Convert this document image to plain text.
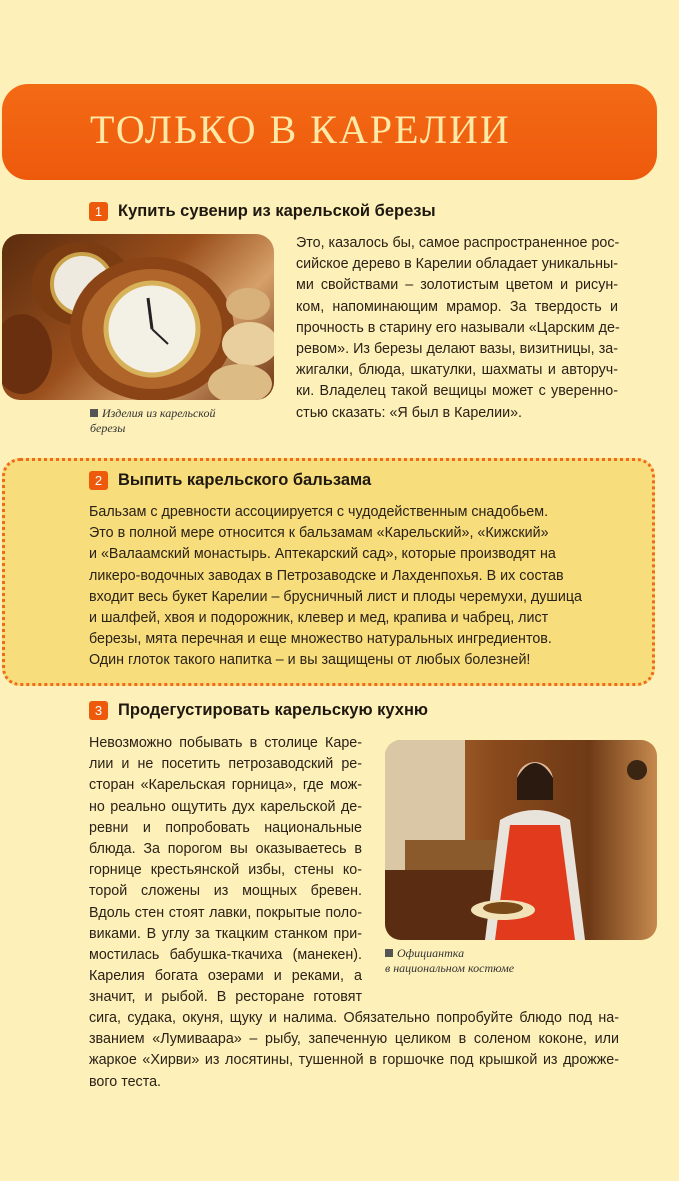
ТОЛЬКО В КАРЕЛИИ
1 Купить сувенир из карельской березы
Изделия из карельской
березы
Это, казалось бы, самое распространенное рос-
сийское дерево в Карелии обладает уникальны-
ми свойствами – золотистым цветом и рисун-
ком, напоминающим мрамор. За твердость и
прочность в старину его называли «Царским де-
ревом». Из березы делают вазы, визитницы, за-
жигалки, блюда, шкатулки, шахматы и авторуч-
ки. Владелец такой вещицы может с уверенно-
стью сказать: «Я был в Карелии».
2 Выпить карельского бальзама
Бальзам с древности ассоциируется с чудодейственным снадобьем.
Это в полной мере относится к бальзамам «Карельский», «Кижский»
и «Валаамский монастырь. Аптекарский сад», которые производят на
ликеро-водочных заводах в Петрозаводске и Лахденпохья. В их состав
входит весь букет Карелии – брусничный лист и плоды черемухи, душица
и шалфей, хвоя и подорожник, клевер и мед, крапива и чабрец, лист
березы, мята перечная и еще множество натуральных ингредиентов.
Один глоток такого напитка – и вы защищены от любых болезней!
3 Продегустировать карельскую кухню
Невозможно побывать в столице Каре-
лии и не посетить петрозаводский ре-
сторан «Карельская горница», где мож-
но реально ощутить дух карельской де-
ревни и попробовать национальные
блюда. За порогом вы оказываетесь в
горнице крестьянской избы, стены ко-
торой сложены из мощных бревен.
Вдоль стен стоят лавки, покрытые поло-
виками. В углу за ткацким станком при-
мостилась бабушка-ткачиха (манекен).
Карелия богата озерами и реками, а
значит, и рыбой. В ресторане готовят
Официантка
в национальном костюме
сига, судака, окуня, щуку и налима. Обязательно попробуйте блюдо под на-
званием «Лумиваара» – рыбу, запеченную целиком в соленом коконе, или
жаркое «Хирви» из лосятины, тушенной в горшочке под крышкой из дрожже-
вого теста.
